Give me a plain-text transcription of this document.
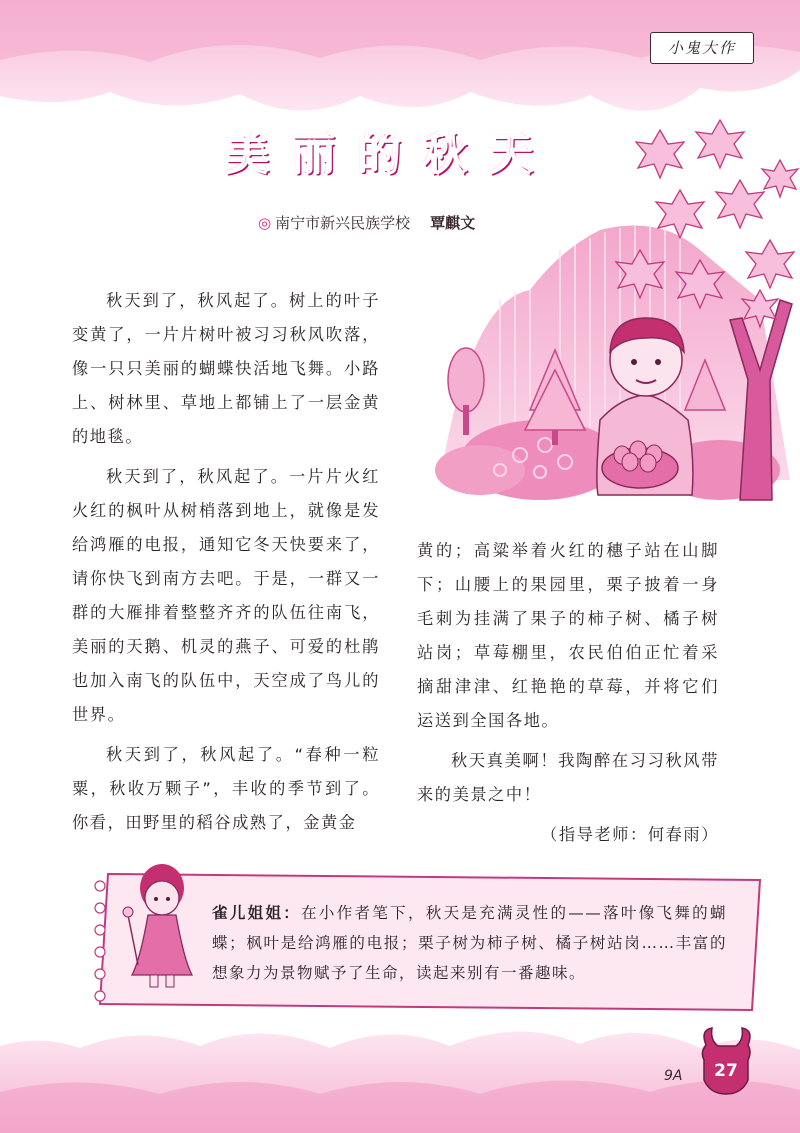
小鬼大作
美丽的秋天
◎ 南宁市新兴民族学校 覃麒文

秋天到了，秋风起了。树上的叶子变黄了，一片片树叶被习习秋风吹落，像一只只美丽的蝴蝶快活地飞舞。小路上、树林里、草地上都铺上了一层金黄的地毯。

秋天到了，秋风起了。一片片火红火红的枫叶从树梢落到地上，就像是发给鸿雁的电报，通知它冬天快要来了，请你快飞到南方去吧。于是，一群又一群的大雁排着整整齐齐的队伍往南飞，美丽的天鹅、机灵的燕子、可爱的杜鹃也加入南飞的队伍中，天空成了鸟儿的世界。

秋天到了，秋风起了。“春种一粒粟，秋收万颗子”，丰收的季节到了。你看，田野里的稻谷成熟了，金黄金

黄的；高粱举着火红的穗子站在山脚下；山腰上的果园里，栗子披着一身毛刺为挂满了果子的柿子树、橘子树站岗；草莓棚里，农民伯伯正忙着采摘甜津津、红艳艳的草莓，并将它们运送到全国各地。

秋天真美啊！我陶醉在习习秋风带来的美景之中！

（指导老师：何春雨）

雀儿姐姐：在小作者笔下，秋天是充满灵性的——落叶像飞舞的蝴蝶；枫叶是给鸿雁的电报；栗子树为柿子树、橘子树站岗……丰富的想象力为景物赋予了生命，读起来别有一番趣味。
9A	27
